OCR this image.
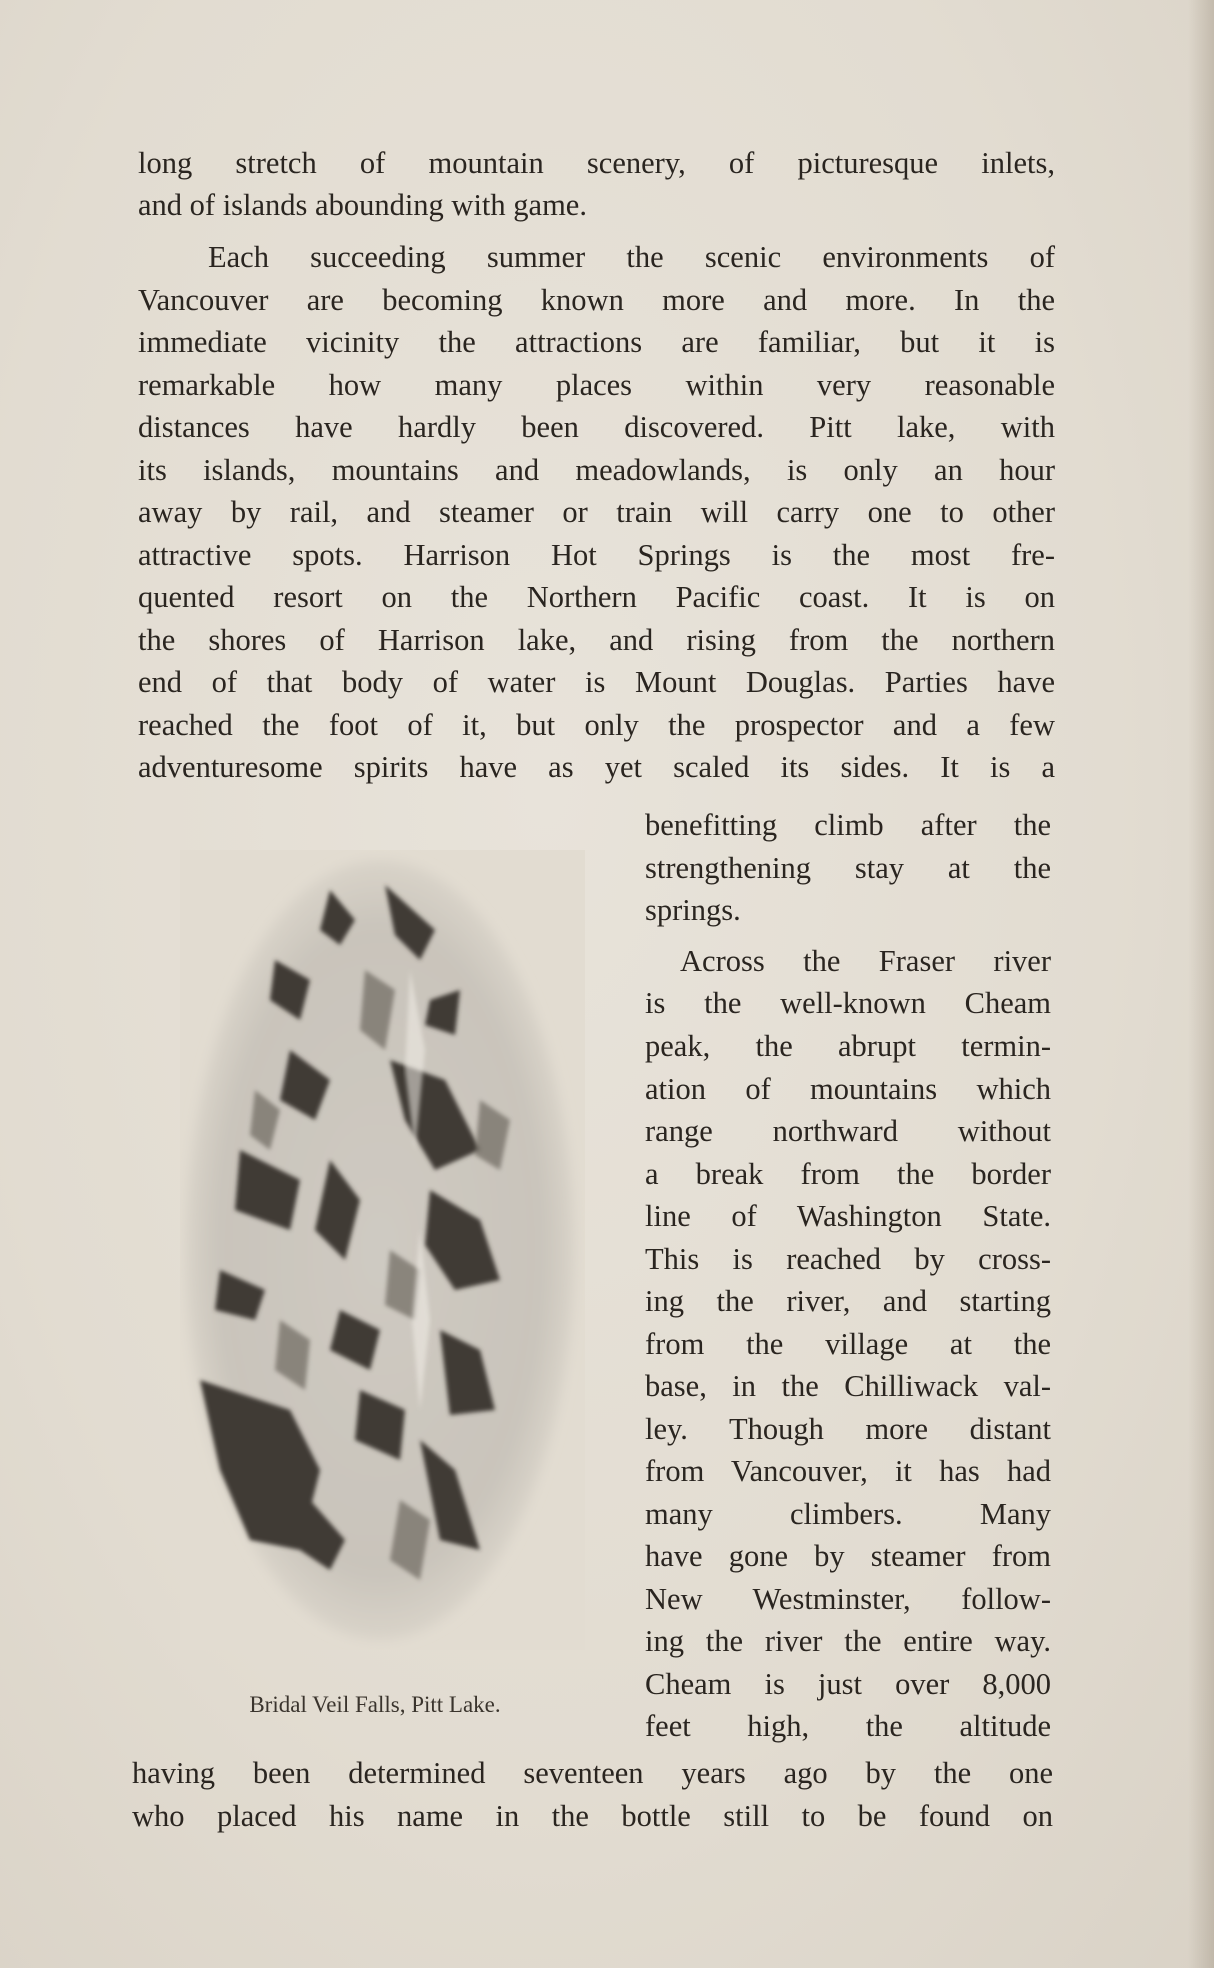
long stretch of mountain scenery, of picturesque inlets,
and of islands abounding with game.
Each succeeding summer the scenic environments of
Vancouver are becoming known more and more. In the
immediate vicinity the attractions are familiar, but it is
remarkable how many places within very reasonable
distances have hardly been discovered. Pitt lake, with
its islands, mountains and meadowlands, is only an hour
away by rail, and steamer or train will carry one to other
attractive spots. Harrison Hot Springs is the most fre-
quented resort on the Northern Pacific coast. It is on
the shores of Harrison lake, and rising from the northern
end of that body of water is Mount Douglas. Parties have
reached the foot of it, but only the prospector and a few
adventuresome spirits have as yet scaled its sides. It is a
Bridal Veil Falls, Pitt Lake.
benefitting climb after the
strengthening stay at the
springs.
Across the Fraser river
is the well-known Cheam
peak, the abrupt termin-
ation of mountains which
range northward without
a break from the border
line of Washington State.
This is reached by cross-
ing the river, and starting
from the village at the
base, in the Chilliwack val-
ley. Though more distant
from Vancouver, it has had
many climbers. Many
have gone by steamer from
New Westminster, follow-
ing the river the entire way.
Cheam is just over 8,000
feet high, the altitude
having been determined seventeen years ago by the one
who placed his name in the bottle still to be found on
